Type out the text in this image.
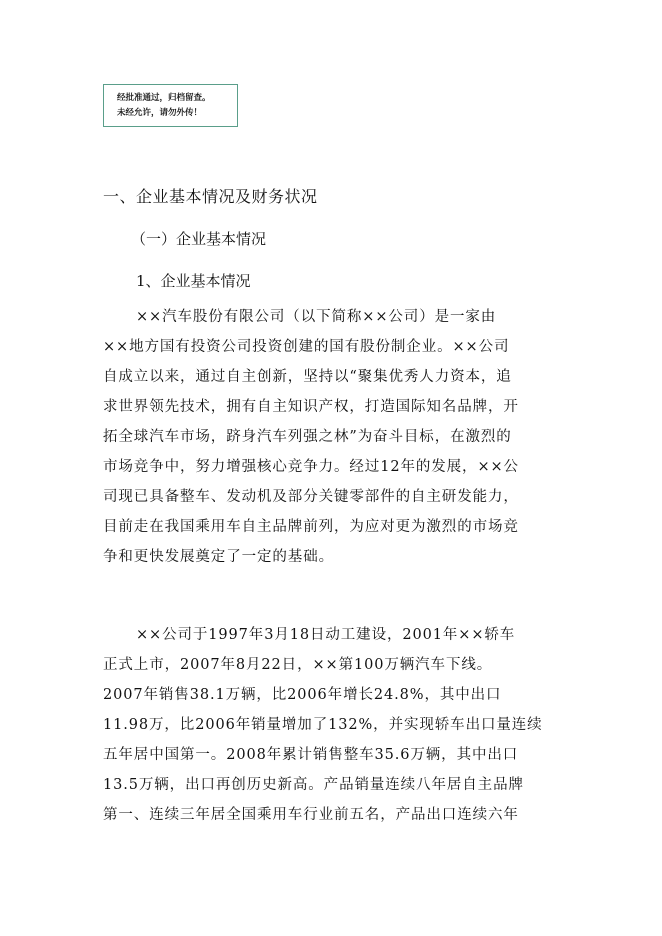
经批准通过，归档留查。
未经允许，请勿外传！
一、企业基本情况及财务状况
（一）企业基本情况
1、企业基本情况
××汽车股份有限公司（以下简称××公司）是一家由
××地方国有投资公司投资创建的国有股份制企业。××公司
自成立以来，通过自主创新，坚持以“聚集优秀人力资本，追
求世界领先技术，拥有自主知识产权，打造国际知名品牌，开
拓全球汽车市场，跻身汽车列强之林”为奋斗目标，在激烈的
市场竞争中，努力增强核心竞争力。经过12年的发展，××公
司现已具备整车、发动机及部分关键零部件的自主研发能力，
目前走在我国乘用车自主品牌前列，为应对更为激烈的市场竞
争和更快发展奠定了一定的基础。
××公司于1997年3月18日动工建设，2001年××轿车
正式上市，2007年8月22日，××第100万辆汽车下线。
2007年销售38.1万辆，比2006年增长24.8%，其中出口
11.98万，比2006年销量增加了132%，并实现轿车出口量连续
五年居中国第一。2008年累计销售整车35.6万辆，其中出口
13.5万辆，出口再创历史新高。产品销量连续八年居自主品牌
第一、连续三年居全国乘用车行业前五名，产品出口连续六年
